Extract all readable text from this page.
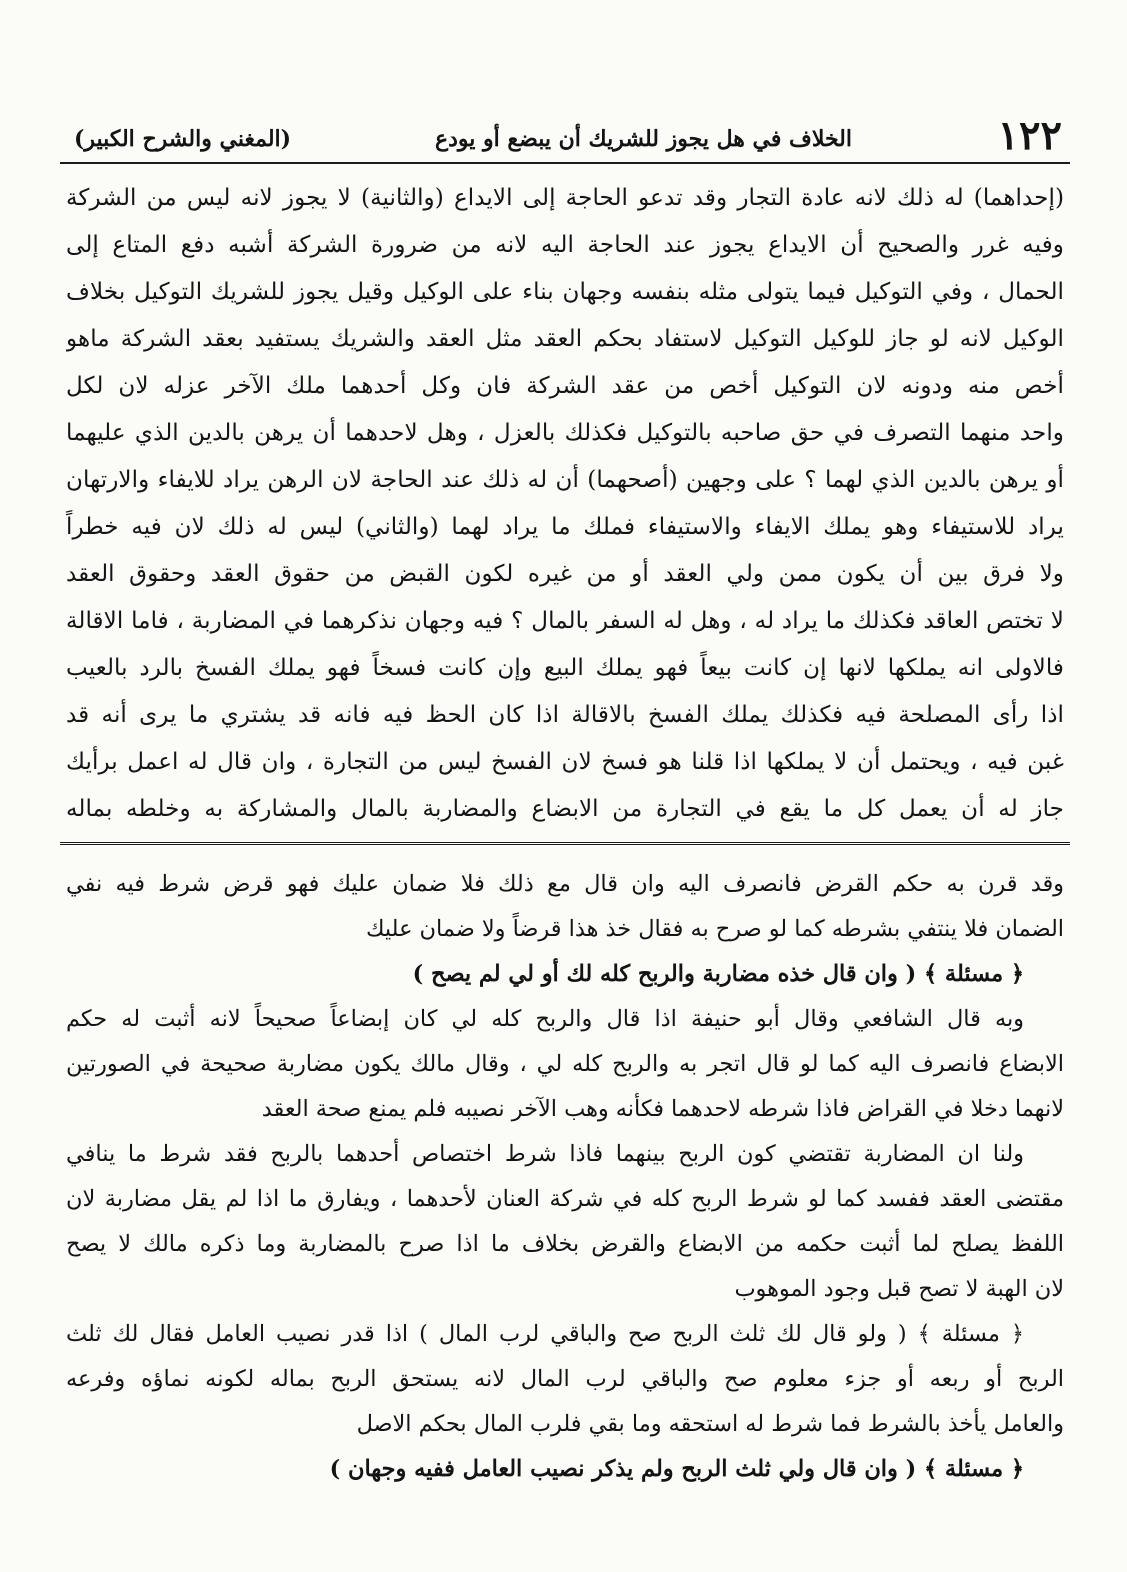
١٢٢
الخلاف في هل يجوز للشريك أن يبضع أو يودع
(المغني والشرح الكبير)
(إحداهما) له ذلك لانه عادة التجار وقد تدعو الحاجة إلى الايداع (والثانية) لا يجوز لانه ليس من الشركة
وفيه غرر والصحيح أن الايداع يجوز عند الحاجة اليه لانه من ضرورة الشركة أشبه دفع المتاع إلى
الحمال ، وفي التوكيل فيما يتولى مثله بنفسه وجهان بناء على الوكيل وقيل يجوز للشريك التوكيل بخلاف
الوكيل لانه لو جاز للوكيل التوكيل لاستفاد بحكم العقد مثل العقد والشريك يستفيد بعقد الشركة ماهو
أخص منه ودونه لان التوكيل أخص من عقد الشركة فان وكل أحدهما ملك الآخر عزله لان لكل
واحد منهما التصرف في حق صاحبه بالتوكيل فكذلك بالعزل ، وهل لاحدهما أن يرهن بالدين الذي عليهما
أو يرهن بالدين الذي لهما ؟ على وجهين (أصحهما) أن له ذلك عند الحاجة لان الرهن يراد للايفاء والارتهان
يراد للاستيفاء وهو يملك الايفاء والاستيفاء فملك ما يراد لهما (والثاني) ليس له ذلك لان فيه خطراً
ولا فرق بين أن يكون ممن ولي العقد أو من غيره لكون القبض من حقوق العقد وحقوق العقد
لا تختص العاقد فكذلك ما يراد له ، وهل له السفر بالمال ؟ فيه وجهان نذكرهما في المضاربة ، فاما الاقالة
فالاولى انه يملكها لانها إن كانت بيعاً فهو يملك البيع وإن كانت فسخاً فهو يملك الفسخ بالرد بالعيب
اذا رأى المصلحة فيه فكذلك يملك الفسخ بالاقالة اذا كان الحظ فيه فانه قد يشتري ما يرى أنه قد
غبن فيه ، ويحتمل أن لا يملكها اذا قلنا هو فسخ لان الفسخ ليس من التجارة ، وان قال له اعمل برأيك
جاز له أن يعمل كل ما يقع في التجارة من الابضاع والمضاربة بالمال والمشاركة به وخلطه بماله
وقد قرن به حكم القرض فانصرف اليه وان قال مع ذلك فلا ضمان عليك فهو قرض شرط فيه نفي
الضمان فلا ينتفي بشرطه كما لو صرح به فقال خذ هذا قرضاً ولا ضمان عليك
﴿ مسئلة ﴾ ( وان قال خذه مضاربة والربح كله لك أو لي لم يصح )
وبه قال الشافعي وقال أبو حنيفة اذا قال والربح كله لي كان إبضاعاً صحيحاً لانه أثبت له حكم
الابضاع فانصرف اليه كما لو قال اتجر به والربح كله لي ، وقال مالك يكون مضاربة صحيحة في الصورتين
لانهما دخلا في القراض فاذا شرطه لاحدهما فكأنه وهب الآخر نصيبه فلم يمنع صحة العقد
ولنا ان المضاربة تقتضي كون الربح بينهما فاذا شرط اختصاص أحدهما بالربح فقد شرط ما ينافي
مقتضى العقد ففسد كما لو شرط الربح كله في شركة العنان لأحدهما ، ويفارق ما اذا لم يقل مضاربة لان
اللفظ يصلح لما أثبت حكمه من الابضاع والقرض بخلاف ما اذا صرح بالمضاربة وما ذكره مالك لا يصح
لان الهبة لا تصح قبل وجود الموهوب
﴿ مسئلة ﴾ ( ولو قال لك ثلث الربح صح والباقي لرب المال ) اذا قدر نصيب العامل فقال لك ثلث
الربح أو ربعه أو جزء معلوم صح والباقي لرب المال لانه يستحق الربح بماله لكونه نماؤه وفرعه
والعامل يأخذ بالشرط فما شرط له استحقه وما بقي فلرب المال بحكم الاصل
﴿ مسئلة ﴾ ( وان قال ولي ثلث الربح ولم يذكر نصيب العامل ففيه وجهان )
